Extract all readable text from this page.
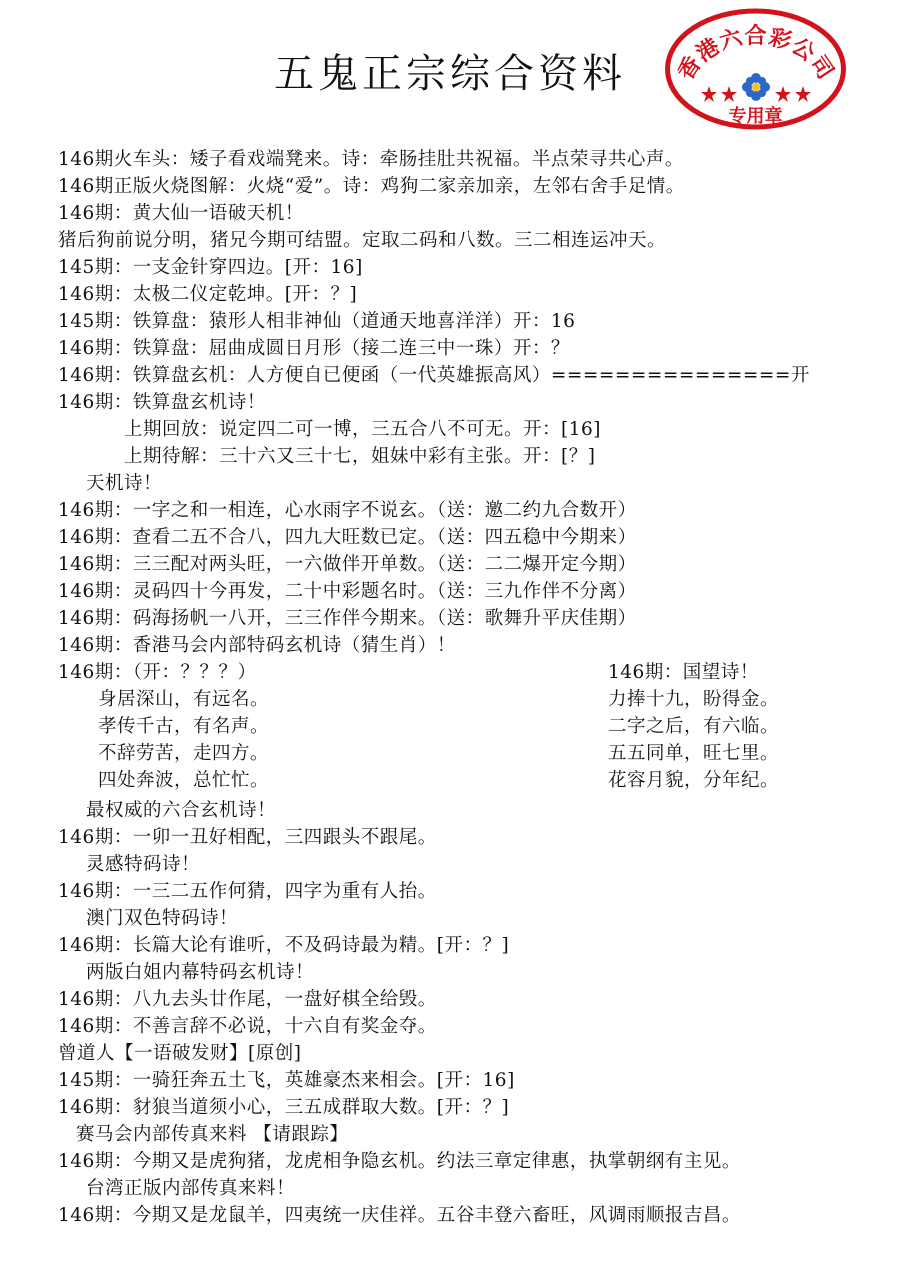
五鬼正宗综合资料	香港六合彩公司
专用章
146期火车头：矮子看戏端凳来。诗：牵肠挂肚共祝福。半点荣寻共心声。
146期正版火烧图解：火烧“爱”。诗：鸡狗二家亲加亲，左邻右舍手足情。
146期：黄大仙一语破天机！
猪后狗前说分明，猪兄今期可结盟。定取二码和八数。三二相连运冲天。
145期：一支金针穿四边。[开：16]
146期：太极二仪定乾坤。[开：？]
145期：铁算盘：猿形人相非神仙（道通天地喜洋洋）开：16
146期：铁算盘：屈曲成圆日月形（接二连三中一珠）开：？
146期：铁算盘玄机：人方便自已便函（一代英雄振高风）===============开
146期：铁算盘玄机诗！
上期回放：说定四二可一博，三五合八不可无。开：[16]
上期待解：三十六又三十七，姐妹中彩有主张。开：[？]
天机诗！
146期：一字之和一相连，心水雨字不说玄。（送：邀二约九合数开）
146期：查看二五不合八，四九大旺数已定。（送：四五稳中今期来）
146期：三三配对两头旺，一六做伴开单数。（送：二二爆开定今期）
146期：灵码四十今再发，二十中彩题名时。（送：三九作伴不分离）
146期：码海扬帆一八开，三三作伴今期来。（送：歌舞升平庆佳期）
146期：香港马会内部特码玄机诗（猜生肖）！
146期：（开：？？？）
身居深山，有远名。
孝传千古，有名声。
不辞劳苦，走四方。
四处奔波，总忙忙。
最权威的六合玄机诗！
146期：一卯一丑好相配，三四跟头不跟尾。
灵感特码诗！
146期：一三二五作何猜，四字为重有人抬。
澳门双色特码诗！
146期：长篇大论有谁听，不及码诗最为精。[开：？]
两版白姐内幕特码玄机诗！
146期：八九去头廿作尾，一盘好棋全给毁。
146期：不善言辞不必说，十六自有奖金夺。
曾道人【一语破发财】[原创]
145期：一骑狂奔五土飞，英雄豪杰来相会。[开：16]
146期：豺狼当道须小心，三五成群取大数。[开：？]
赛马会内部传真来料 【请跟踪】
146期：今期又是虎狗猪，龙虎相争隐玄机。约法三章定律惠，执掌朝纲有主见。
台湾正版内部传真来料！
146期：今期又是龙鼠羊，四夷统一庆佳祥。五谷丰登六畜旺，风调雨顺报吉昌。
146期：国望诗！
力捧十九，盼得金。
二字之后，有六临。
五五同单，旺七里。
花容月貌，分年纪。
